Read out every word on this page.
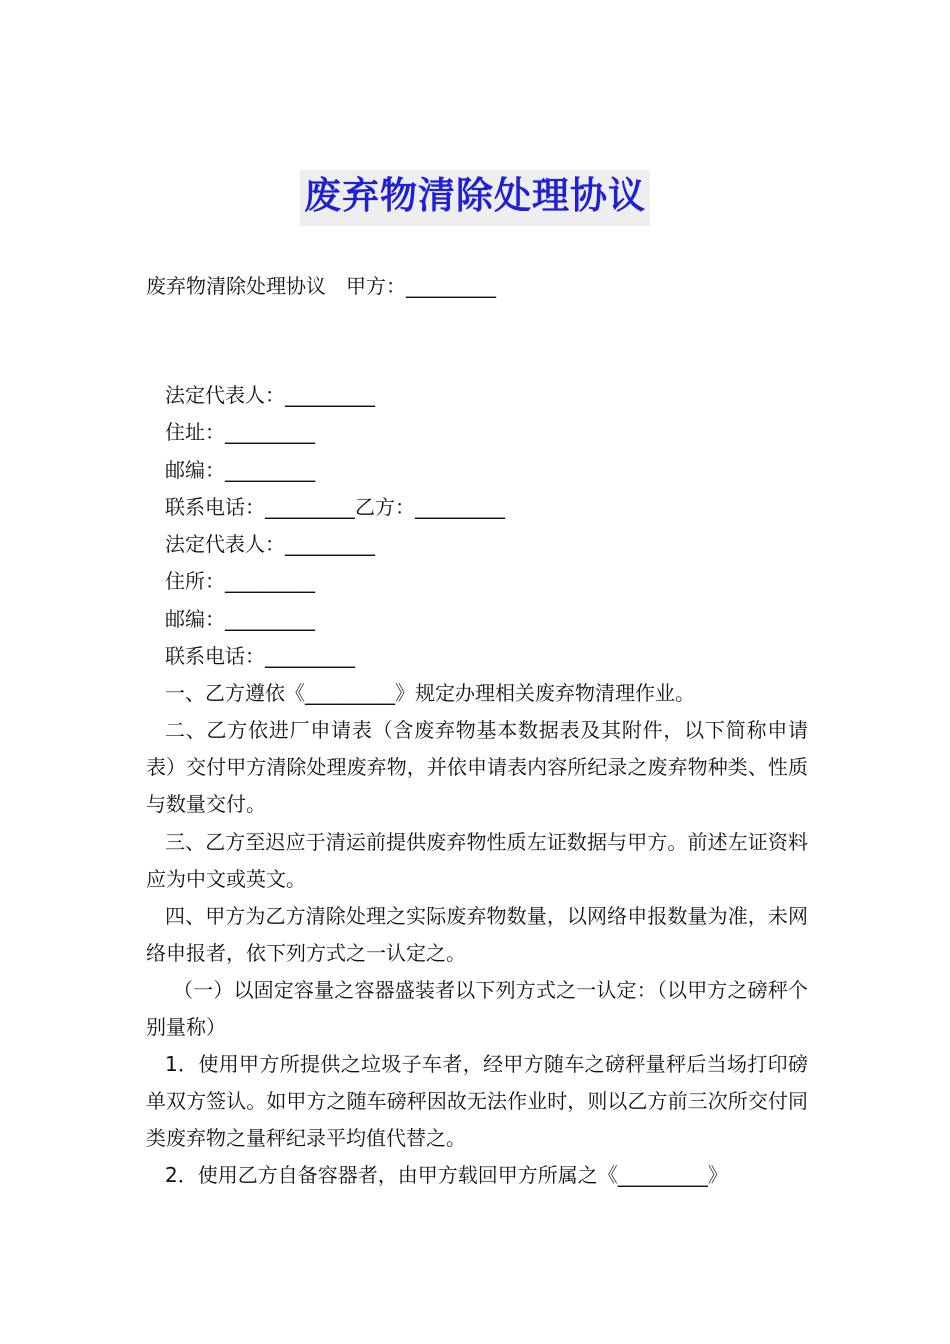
废弃物清除处理协议
废弃物清除处理协议　甲方：_________
法定代表人：_________
住址：_________
邮编：_________
联系电话：_________乙方：_________
法定代表人：_________
住所：_________
邮编：_________
联系电话：_________
一、乙方遵依《_________》规定办理相关废弃物清理作业。
二、乙方依进厂申请表（含废弃物基本数据表及其附件，以下简称申请表）交付甲方清除处理废弃物，并依申请表内容所纪录之废弃物种类、性质与数量交付。
三、乙方至迟应于清运前提供废弃物性质左证数据与甲方。前述左证资料应为中文或英文。
四、甲方为乙方清除处理之实际废弃物数量，以网络申报数量为准，未网络申报者，依下列方式之一认定之。
（一）以固定容量之容器盛装者以下列方式之一认定：（以甲方之磅秤个别量称）
1．使用甲方所提供之垃圾子车者，经甲方随车之磅秤量秤后当场打印磅单双方签认。如甲方之随车磅秤因故无法作业时，则以乙方前三次所交付同类废弃物之量秤纪录平均值代替之。
2．使用乙方自备容器者，由甲方载回甲方所属之《_________》
